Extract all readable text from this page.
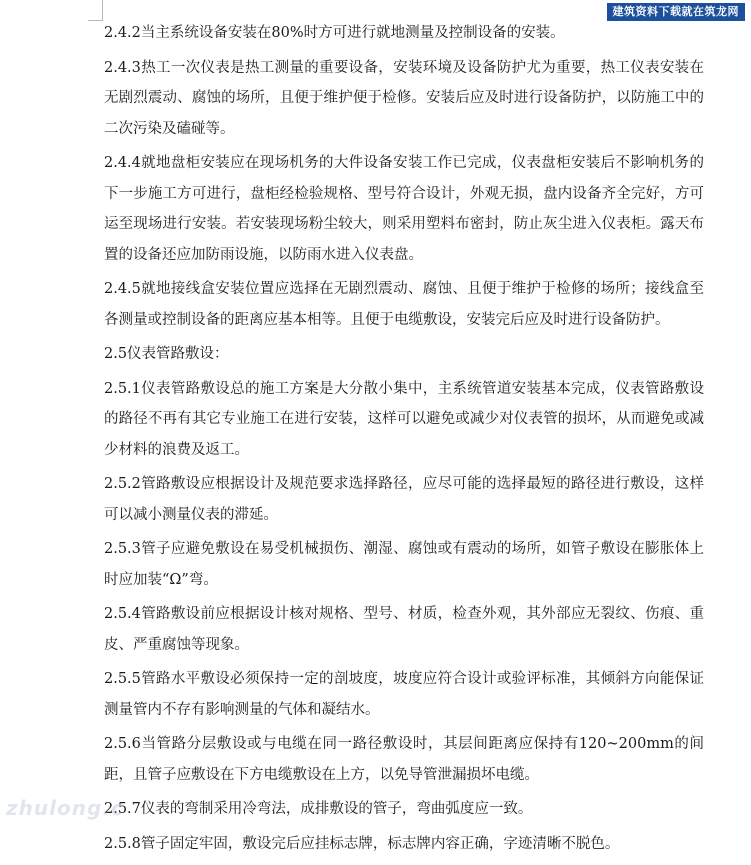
建筑资料下载就在筑龙网

2.4.2当主系统设备安装在80%时方可进行就地测量及控制设备的安装。

2.4.3热工一次仪表是热工测量的重要设备，安装环境及设备防护尤为重要，热工仪表安装在无剧烈震动、腐蚀的场所，且便于维护便于检修。安装后应及时进行设备防护，以防施工中的二次污染及磕碰等。

2.4.4就地盘柜安装应在现场机务的大件设备安装工作已完成，仪表盘柜安装后不影响机务的下一步施工方可进行，盘柜经检验规格、型号符合设计，外观无损，盘内设备齐全完好，方可运至现场进行安装。若安装现场粉尘较大，则采用塑料布密封，防止灰尘进入仪表柜。露天布置的设备还应加防雨设施，以防雨水进入仪表盘。

2.4.5就地接线盒安装位置应选择在无剧烈震动、腐蚀、且便于维护于检修的场所；接线盒至各测量或控制设备的距离应基本相等。且便于电缆敷设，安装完后应及时进行设备防护。

2.5仪表管路敷设：

2.5.1仪表管路敷设总的施工方案是大分散小集中，主系统管道安装基本完成，仪表管路敷设的路径不再有其它专业施工在进行安装，这样可以避免或减少对仪表管的损坏，从而避免或减少材料的浪费及返工。

2.5.2管路敷设应根据设计及规范要求选择路径，应尽可能的选择最短的路径进行敷设，这样可以减小测量仪表的滞延。

2.5.3管子应避免敷设在易受机械损伤、潮湿、腐蚀或有震动的场所，如管子敷设在膨胀体上时应加装“Ω”弯。

2.5.4管路敷设前应根据设计核对规格、型号、材质，检查外观，其外部应无裂纹、伤痕、重皮、严重腐蚀等现象。

2.5.5管路水平敷设必须保持一定的剖坡度，坡度应符合设计或验评标准，其倾斜方向能保证测量管内不存有影响测量的气体和凝结水。

2.5.6当管路分层敷设或与电缆在同一路径敷设时，其层间距离应保持有120~200mm的间距，且管子应敷设在下方电缆敷设在上方，以免导管泄漏损坏电缆。

2.5.7仪表的弯制采用冷弯法，成排敷设的管子，弯曲弧度应一致。

2.5.8管子固定牢固，敷设完后应挂标志牌，标志牌内容正确，字迹清晰不脱色。

zhulong.c
